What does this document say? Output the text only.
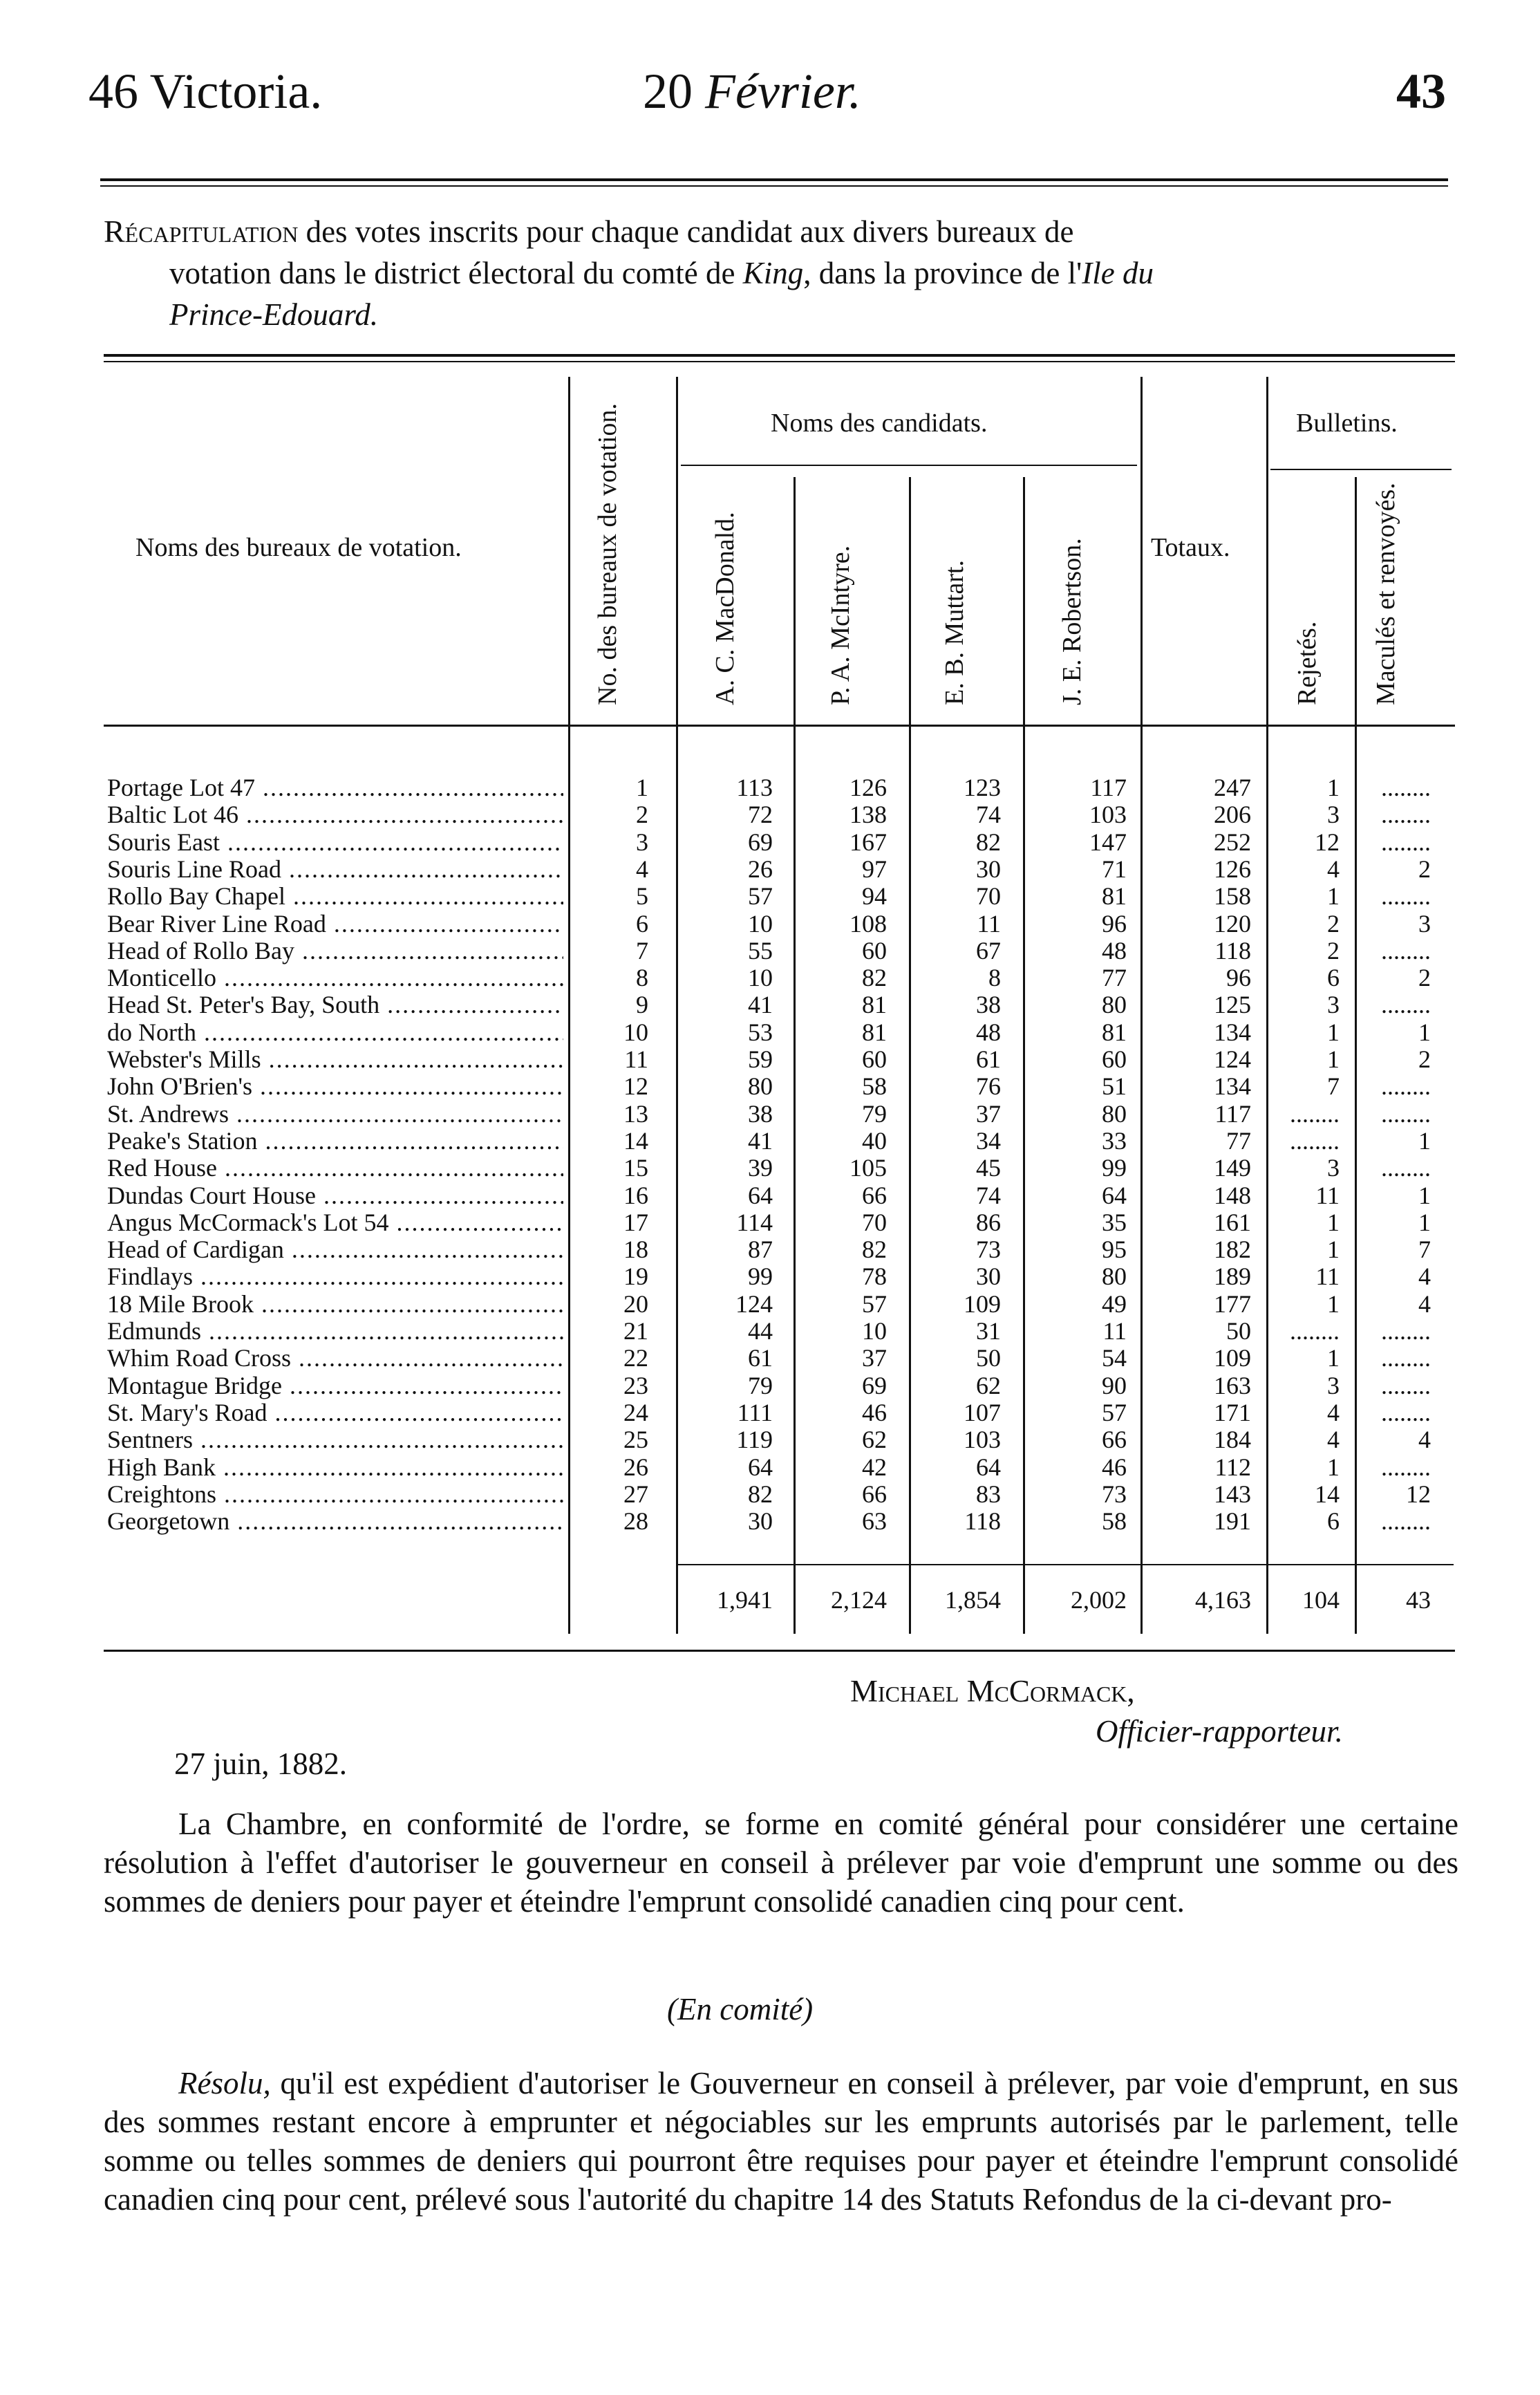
46 Victoria.	20 Février.	43
Récapitulation des votes inscrits pour chaque candidat aux divers bureaux de
votation dans le district électoral du comté de King, dans la province de l'Ile du
Prince-Edouard.
Noms des bureaux de votation.	No. des bureaux de votation.	Noms des candidats.
A. C. MacDonald.	P. A. McIntyre.	E. B. Muttart.	J. E. Robertson. Totaux.
Bulletins.
Rejetés. Maculés et renvoyés.
Portage Lot 47 .....	1	113	126	123	117	247	1	........
Baltic Lot 46 .....	2	72	138	74	103	206	3	........
Souris East .....	3	69	167	82	147	252	12	........
Souris Line Road .....	4	26	97	30	71	126	4	2
Rollo Bay Chapel .....	5	57	94	70	81	158	1	........
Bear River Line Road .....	6	10	108	11	96	120	2	3
Head of Rollo Bay .....	7	55	60	67	48	118	2	........
Monticello .....	8	10	82	8	77	96	6	2
Head St. Peter's Bay, South .....	9	41	81	38	80	125	3	........
do North .....	10	53	81	48	81	134	1	1
Webster's Mills .....	11	59	60	61	60	124	1	2
John O'Brien's .....	12	80	58	76	51	134	7	........
St. Andrews .....	13	38	79	37	80	117	........	........
Peake's Station .....	14	41	40	34	33	77	........	1
Red House .....	15	39	105	45	99	149	3	........
Dundas Court House .....	16	64	66	74	64	148	11	1
Angus McCormack's Lot 54 .....	17	114	70	86	35	161	1	1
Head of Cardigan .....	18	87	82	73	95	182	1	7
Findlays .....	19	99	78	30	80	189	11	4
18 Mile Brook .....	20	124	57	109	49	177	1	4
Edmunds .....	21	44	10	31	11	50	........	........
Whim Road Cross .....	22	61	37	50	54	109	1	........
Montague Bridge .....	23	79	69	62	90	163	3	........
St. Mary's Road .....	24	111	46	107	57	171	4	........
Sentners .....	25	119	62	103	66	184	4	4
High Bank .....	26	64	42	64	46	112	1	........
Creightons .....	27	82	66	83	73	143	14	12
Georgetown .....	28	30	63	118	58	191	6	........
1,941	2,124	1,854	2,002	4,163	104	43
Michael McCormack,
Officier-rapporteur.
27 juin, 1882.
La Chambre, en conformité de l'ordre, se forme en comité général pour considérer une certaine résolution à l'effet d'autoriser le gouverneur en conseil à prélever par voie d'emprunt une somme ou des sommes de deniers pour payer et éteindre l'emprunt consolidé canadien cinq pour cent.
(En comité)
Résolu, qu'il est expédient d'autoriser le Gouverneur en conseil à prélever, par voie d'emprunt, en sus des sommes restant encore à emprunter et négociables sur les emprunts autorisés par le parlement, telle somme ou telles sommes de deniers qui pourront être requises pour payer et éteindre l'emprunt consolidé canadien cinq pour cent, prélevé sous l'autorité du chapitre 14 des Statuts Refondus de la ci-devant pro-
